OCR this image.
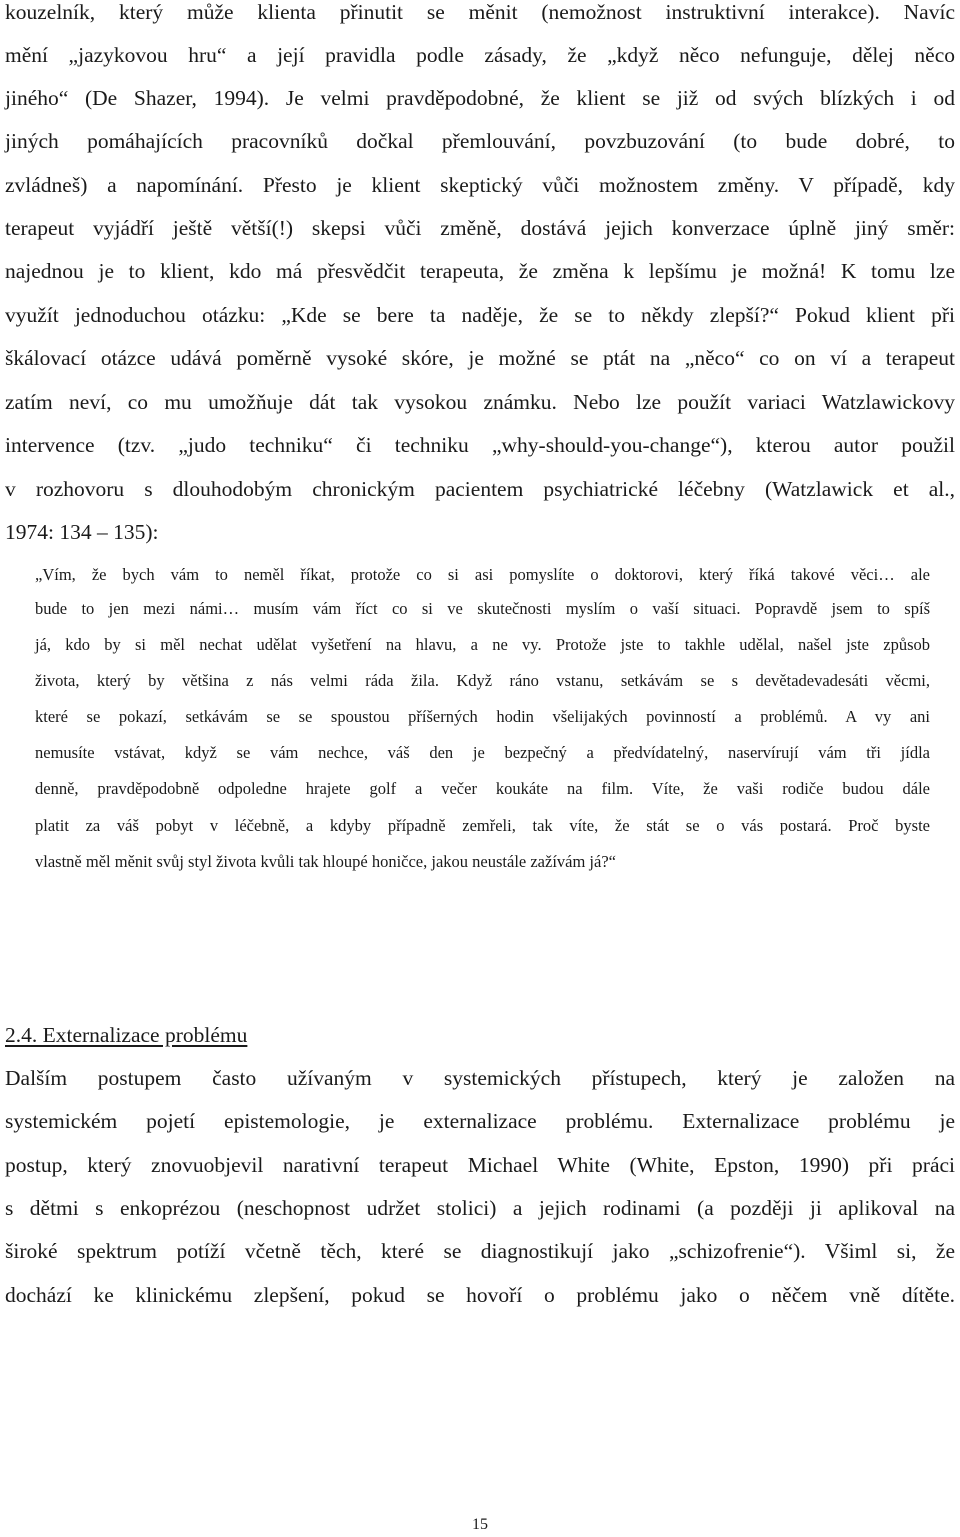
kouzelník, který může klienta přinutit se měnit (nemožnost instruktivní interakce). Navíc
mění „jazykovou hru“ a její pravidla podle zásady, že „když něco nefunguje, dělej něco
jiného“ (De Shazer, 1994). Je velmi pravděpodobné, že klient se již od svých blízkých i od
jiných pomáhajících pracovníků dočkal přemlouvání, povzbuzování (to bude dobré, to
zvládneš) a napomínání. Přesto je klient skeptický vůči možnostem změny. V případě, kdy
terapeut vyjádří ještě větší(!) skepsi vůči změně, dostává jejich konverzace úplně jiný směr:
najednou je to klient, kdo má přesvědčit terapeuta, že změna k lepšímu je možná! K tomu lze
využít jednoduchou otázku: „Kde se bere ta naděje, že se to někdy zlepší?“ Pokud klient při
škálovací otázce udává poměrně vysoké skóre, je možné se ptát na „něco“ co on ví a terapeut
zatím neví, co mu umožňuje dát tak vysokou známku. Nebo lze použít variaci Watzlawickovy
intervence (tzv. „judo techniku“ či techniku „why-should-you-change“), kterou autor použil
v rozhovoru s dlouhodobým chronickým pacientem psychiatrické léčebny (Watzlawick et al.,
1974: 134 – 135):
„Vím, že bych vám to neměl říkat, protože co si asi pomyslíte o doktorovi, který říká takové věci… ale
bude to jen mezi námi… musím vám říct co si ve skutečnosti myslím o vaší situaci. Popravdě jsem to spíš
já, kdo by si měl nechat udělat vyšetření na hlavu, a ne vy. Protože jste to takhle udělal, našel jste způsob
života, který by většina z nás velmi ráda žila. Když ráno vstanu, setkávám se s devětadevadesáti věcmi,
které se pokazí, setkávám se se spoustou příšerných hodin všelijakých povinností a problémů. A vy ani
nemusíte vstávat, když se vám nechce, váš den je bezpečný a předvídatelný, naservírují vám tři jídla
denně, pravděpodobně odpoledne hrajete golf a večer koukáte na film. Víte, že vaši rodiče budou dále
platit za váš pobyt v léčebně, a kdyby případně zemřeli, tak víte, že stát se o vás postará. Proč byste
vlastně měl měnit svůj styl života kvůli tak hloupé honičce, jakou neustále zažívám já?“
2.4. Externalizace problému
Dalším postupem často užívaným v systemických přístupech, který je založen na
systemickém pojetí epistemologie, je externalizace problému. Externalizace problému je
postup, který znovuobjevil narativní terapeut Michael White (White, Epston, 1990) při práci
s dětmi s enkoprézou (neschopnost udržet stolici) a jejich rodinami (a později ji aplikoval na
široké spektrum potíží včetně těch, které se diagnostikují jako „schizofrenie“). Všiml si, že
dochází ke klinickému zlepšení, pokud se hovoří o problému jako o něčem vně dítěte.
15
